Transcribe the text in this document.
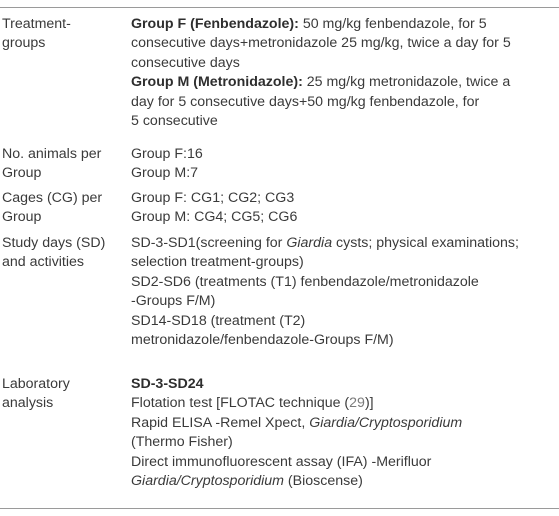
Treatment-
groups
Group F (Fenbendazole): 50 mg/kg fenbendazole, for 5
consecutive days+metronidazole 25 mg/kg, twice a day for 5
consecutive days
Group M (Metronidazole): 25 mg/kg metronidazole, twice a
day for 5 consecutive days+50 mg/kg fenbendazole, for
5 consecutive
No. animals per
Group
Group F:16
Group M:7
Cages (CG) per
Group
Group F: CG1; CG2; CG3
Group M: CG4; CG5; CG6
Study days (SD)
and activities
SD-3-SD1(screening for Giardia cysts; physical examinations;
selection treatment-groups)
SD2-SD6 (treatments (T1) fenbendazole/metronidazole
-Groups F/M)
SD14-SD18 (treatment (T2)
metronidazole/fenbendazole-Groups F/M)
Laboratory
analysis
SD-3-SD24
Flotation test [FLOTAC technique (29)]
Rapid ELISA -Remel Xpect, Giardia/Cryptosporidium
(Thermo Fisher)
Direct immunofluorescent assay (IFA) -Merifluor
Giardia/Cryptosporidium (Bioscense)
